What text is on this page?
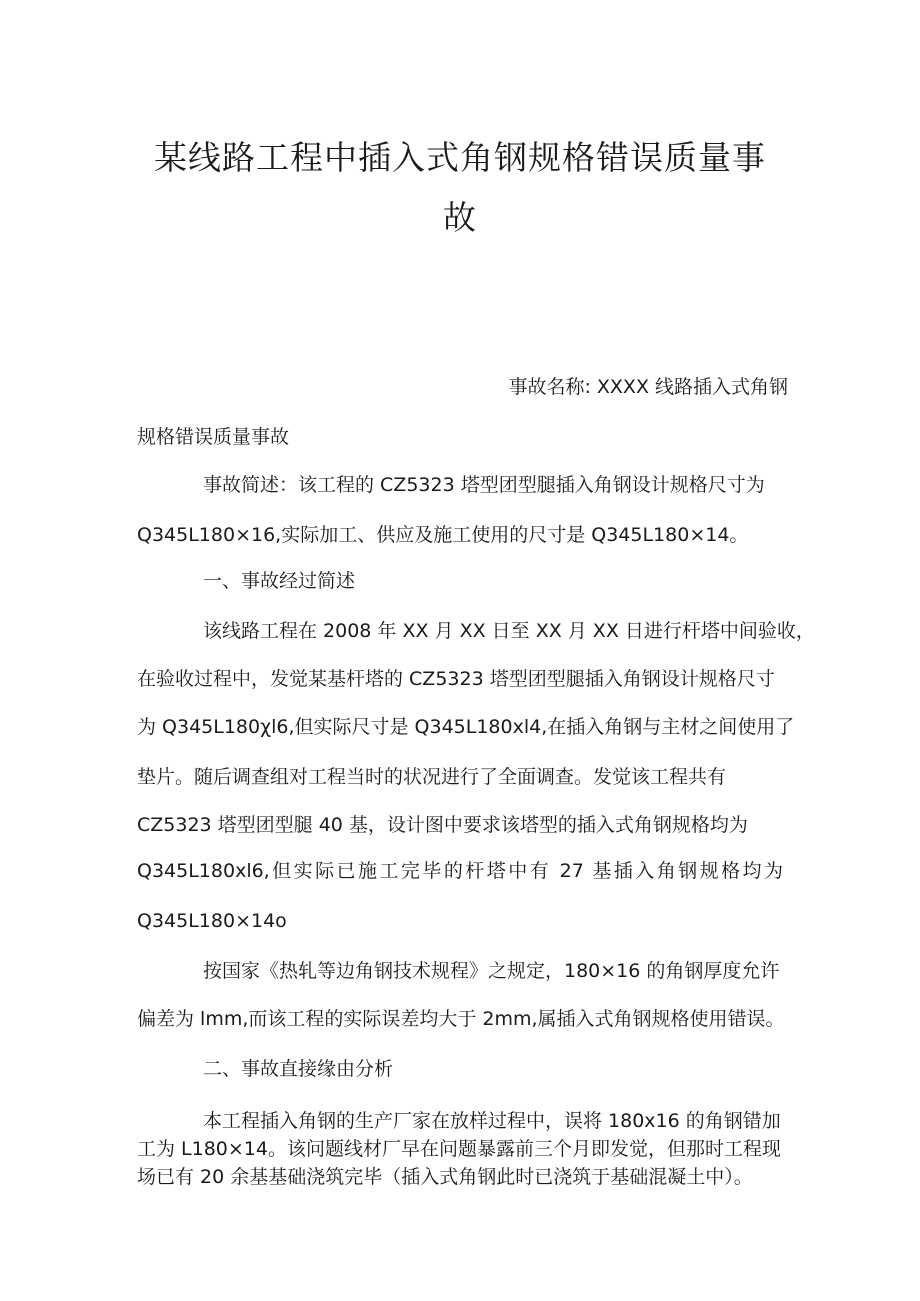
某线路工程中插入式角钢规格错误质量事
故

事故名称: XXXX 线路插入式角钢

规格错误质量事故

事故简述：该工程的 CZ5323 塔型团型腿插入角钢设计规格尺寸为

Q345L180×16,实际加工、供应及施工使用的尺寸是 Q345L180×14。

一、事故经过简述

该线路工程在 2008 年 XX 月 XX 日至 XX 月 XX 日进行杆塔中间验收，

在验收过程中，发觉某基杆塔的 CZ5323 塔型团型腿插入角钢设计规格尺寸

为 Q345L180χl6,但实际尺寸是 Q345L180xl4,在插入角钢与主材之间使用了

垫片。随后调查组对工程当时的状况进行了全面调查。发觉该工程共有

CZ5323 塔型团型腿 40 基，设计图中要求该塔型的插入式角钢规格均为

Q345L180xl6,但实际已施工完毕的杆塔中有 27 基插入角钢规格均为

Q345L180×14o

按国家《热轧等边角钢技术规程》之规定，180×16 的角钢厚度允许

偏差为 lmm,而该工程的实际误差均大于 2mm,属插入式角钢规格使用错误。

二、事故直接缘由分析

本工程插入角钢的生产厂家在放样过程中，误将 180x16 的角钢错加

工为 L180×14。该问题线材厂早在问题暴露前三个月即发觉，但那时工程现

场已有 20 余基基础浇筑完毕（插入式角钢此时已浇筑于基础混凝土中）。
